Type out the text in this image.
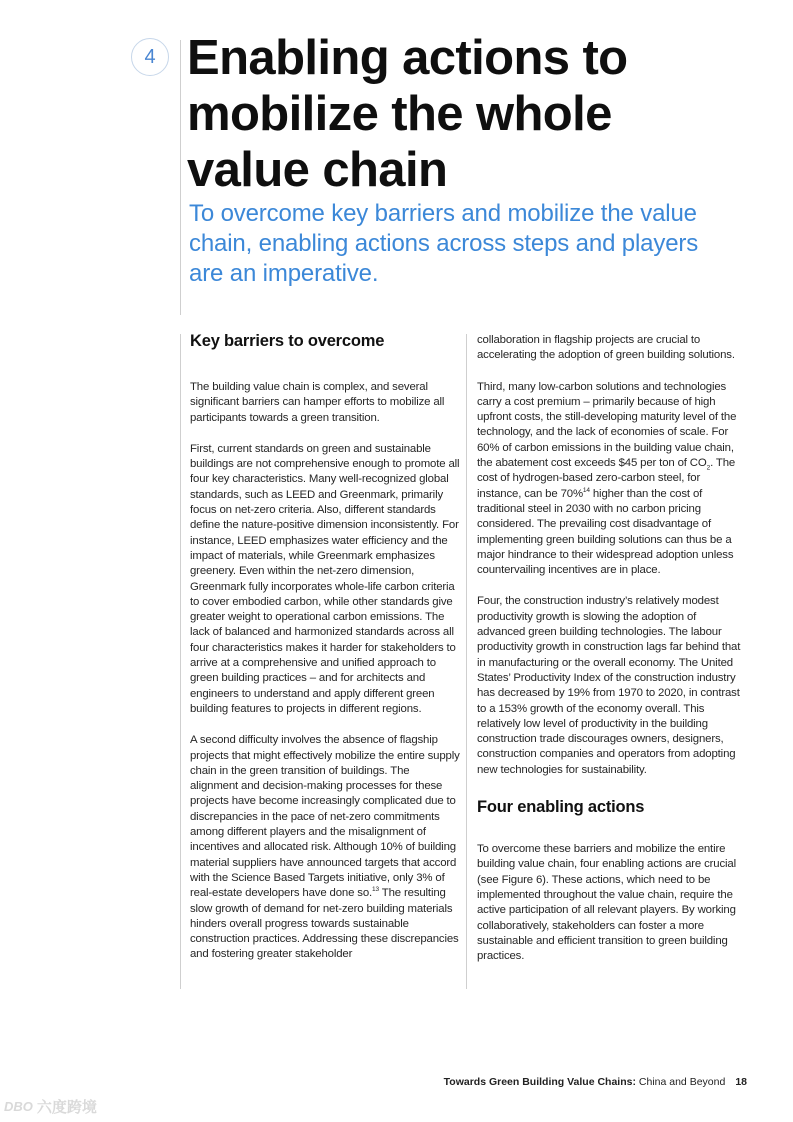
4 Enabling actions to mobilize the whole value chain

To overcome key barriers and mobilize the value chain, enabling actions across steps and players are an imperative.

Key barriers to overcome

The building value chain is complex, and several significant barriers can hamper efforts to mobilize all participants towards a green transition.

First, current standards on green and sustainable buildings are not comprehensive enough to promote all four key characteristics. Many well-recognized global standards, such as LEED and Greenmark, primarily focus on net-zero criteria. Also, different standards define the nature-positive dimension inconsistently. For instance, LEED emphasizes water efficiency and the impact of materials, while Greenmark emphasizes greenery. Even within the net-zero dimension, Greenmark fully incorporates whole-life carbon criteria to cover embodied carbon, while other standards give greater weight to operational carbon emissions. The lack of balanced and harmonized standards across all four characteristics makes it harder for stakeholders to arrive at a comprehensive and unified approach to green building practices – and for architects and engineers to understand and apply different green building features to projects in different regions.

A second difficulty involves the absence of flagship projects that might effectively mobilize the entire supply chain in the green transition of buildings. The alignment and decision-making processes for these projects have become increasingly complicated due to discrepancies in the pace of net-zero commitments among different players and the misalignment of incentives and allocated risk. Although 10% of building material suppliers have announced targets that accord with the Science Based Targets initiative, only 3% of real-estate developers have done so.$^{13}$ The resulting slow growth of demand for net-zero building materials hinders overall progress towards sustainable construction practices. Addressing these discrepancies and fostering greater stakeholder

collaboration in flagship projects are crucial to accelerating the adoption of green building solutions.

Third, many low-carbon solutions and technologies carry a cost premium – primarily because of high upfront costs, the still-developing maturity level of the technology, and the lack of economies of scale. For 60% of carbon emissions in the building value chain, the abatement cost exceeds $45 per ton of $CO_2$. The cost of hydrogen-based zero-carbon steel, for instance, can be 70%$^{14}$ higher than the cost of traditional steel in 2030 with no carbon pricing considered. The prevailing cost disadvantage of implementing green building solutions can thus be a major hindrance to their widespread adoption unless countervailing incentives are in place.

Four, the construction industry’s relatively modest productivity growth is slowing the adoption of advanced green building technologies. The labour productivity growth in construction lags far behind that in manufacturing or the overall economy. The United States’ Productivity Index of the construction industry has decreased by 19% from 1970 to 2020, in contrast to a 153% growth of the economy overall. This relatively low level of productivity in the building construction trade discourages owners, designers, construction companies and operators from adopting new technologies for sustainability.

Four enabling actions

To overcome these barriers and mobilize the entire building value chain, four enabling actions are crucial (see Figure 6). These actions, which need to be implemented throughout the value chain, require the active participation of all relevant players. By working collaboratively, stakeholders can foster a more sustainable and efficient transition to green building practices.

Towards Green Building Value Chains: China and Beyond 18
DBO 六度跨境
